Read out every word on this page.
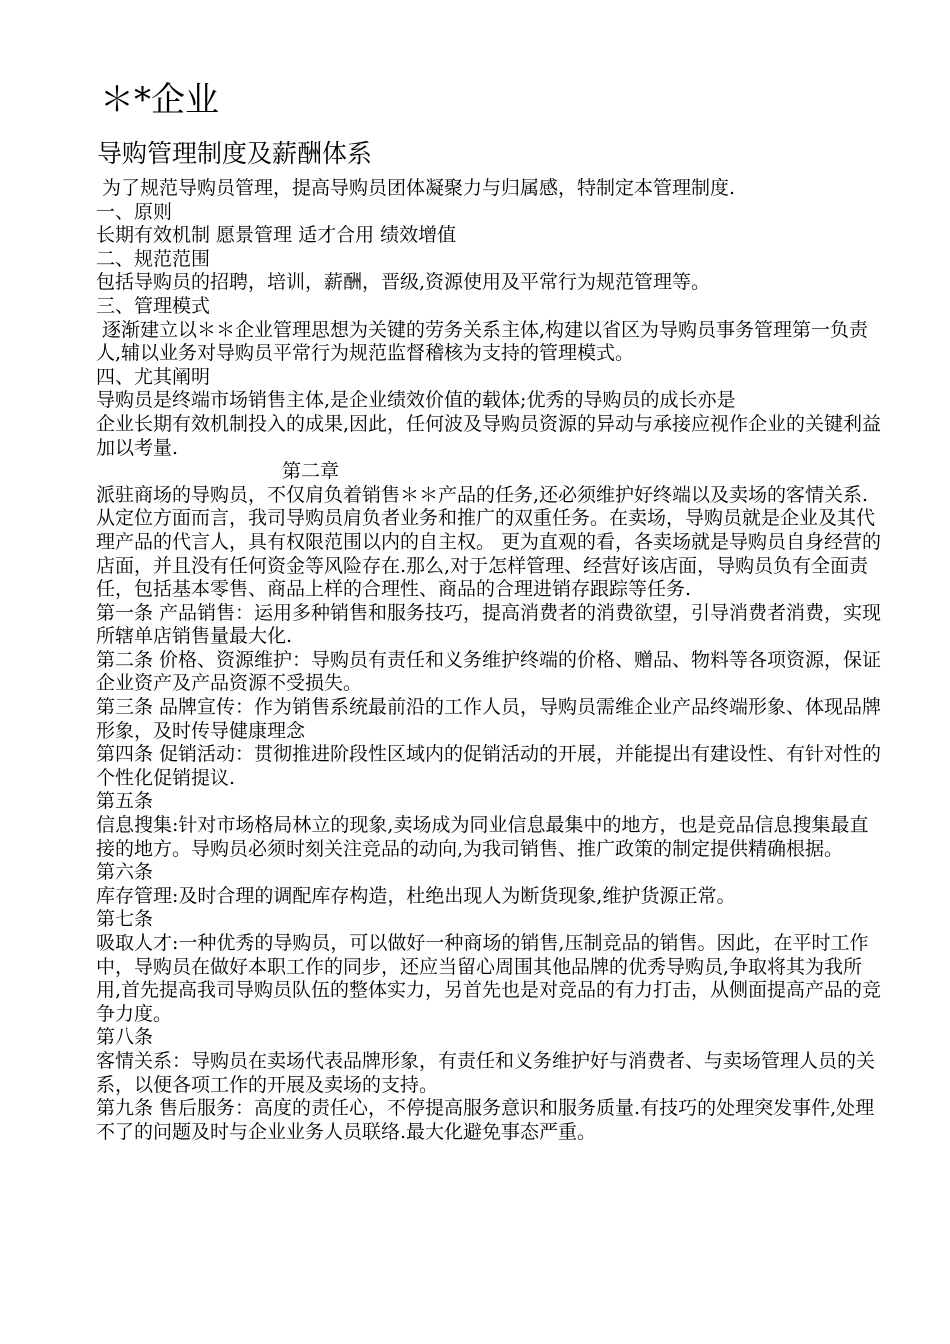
＊*企业
导购管理制度及薪酬体系

为了规范导购员管理，提高导购员团体凝聚力与归属感，特制定本管理制度.

一、原则

长期有效机制 愿景管理 适才合用 绩效增值

二、规范范围

包括导购员的招聘，培训，薪酬，晋级,资源使用及平常行为规范管理等。

三、管理模式

逐渐建立以＊＊企业管理思想为关键的劳务关系主体,构建以省区为导购员事务管理第一负责人,辅以业务对导购员平常行为规范监督稽核为支持的管理模式。

四、尤其阐明

导购员是终端市场销售主体,是企业绩效价值的载体;优秀的导购员的成长亦是

企业长期有效机制投入的成果,因此，任何波及导购员资源的异动与承接应视作企业的关键利益加以考量.

第二章

派驻商场的导购员，不仅肩负着销售＊＊产品的任务,还必须维护好终端以及卖场的客情关系.

从定位方面而言，我司导购员肩负者业务和推广的双重任务。在卖场，导购员就是企业及其代理产品的代言人，具有权限范围以内的自主权。 更为直观的看，各卖场就是导购员自身经营的店面，并且没有任何资金等风险存在.那么,对于怎样管理、经营好该店面，导购员负有全面责任，包括基本零售、商品上样的合理性、商品的合理进销存跟踪等任务.

第一条 产品销售：运用多种销售和服务技巧，提高消费者的消费欲望，引导消费者消费，实现所辖单店销售量最大化.

第二条 价格、资源维护：导购员有责任和义务维护终端的价格、赠品、物料等各项资源，保证企业资产及产品资源不受损失。

第三条 品牌宣传：作为销售系统最前沿的工作人员，导购员需维企业产品终端形象、体现品牌形象，及时传导健康理念

第四条 促销活动：贯彻推进阶段性区域内的促销活动的开展，并能提出有建设性、有针对性的个性化促销提议.

第五条

信息搜集:针对市场格局林立的现象,卖场成为同业信息最集中的地方，也是竞品信息搜集最直接的地方。导购员必须时刻关注竞品的动向,为我司销售、推广政策的制定提供精确根据。

第六条

库存管理:及时合理的调配库存构造，杜绝出现人为断货现象,维护货源正常。

第七条

吸取人才:一种优秀的导购员，可以做好一种商场的销售,压制竞品的销售。因此，在平时工作中，导购员在做好本职工作的同步，还应当留心周围其他品牌的优秀导购员,争取将其为我所用,首先提高我司导购员队伍的整体实力，另首先也是对竞品的有力打击，从侧面提高产品的竞争力度。

第八条

客情关系：导购员在卖场代表品牌形象，有责任和义务维护好与消费者、与卖场管理人员的关系，以便各项工作的开展及卖场的支持。

第九条 售后服务：高度的责任心，不停提高服务意识和服务质量.有技巧的处理突发事件,处理不了的问题及时与企业业务人员联络.最大化避免事态严重。
